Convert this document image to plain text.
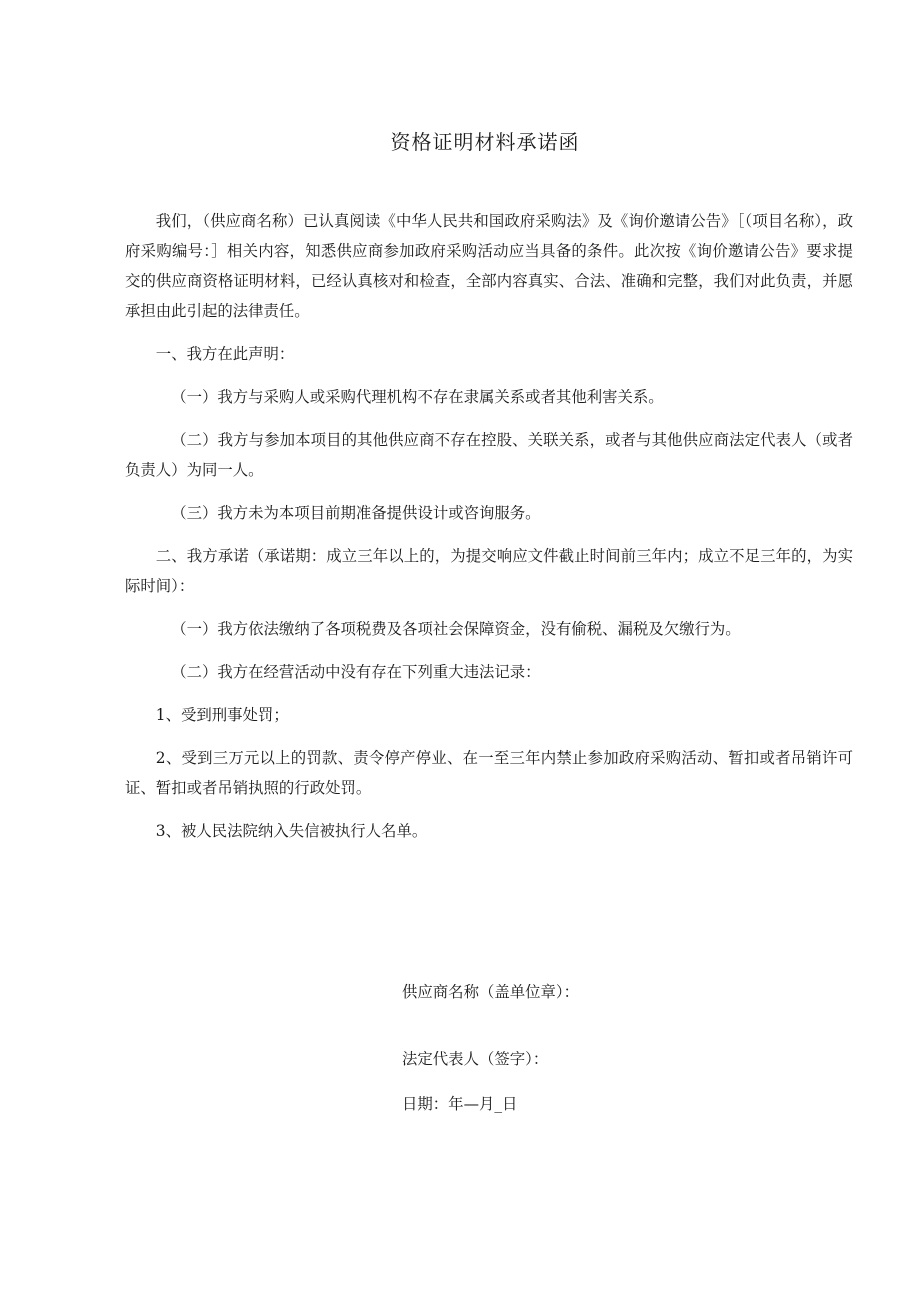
资格证明材料承诺函

我们，（供应商名称）已认真阅读《中华人民共和国政府采购法》及《询价邀请公告》［（项目名称），政府采购编号：］相关内容，知悉供应商参加政府采购活动应当具备的条件。此次按《询价邀请公告》要求提交的供应商资格证明材料，已经认真核对和检查，全部内容真实、合法、准确和完整，我们对此负责，并愿承担由此引起的法律责任。

一、我方在此声明：

（一）我方与采购人或采购代理机构不存在隶属关系或者其他利害关系。

（二）我方与参加本项目的其他供应商不存在控股、关联关系，或者与其他供应商法定代表人（或者负责人）为同一人。

（三）我方未为本项目前期准备提供设计或咨询服务。

二、我方承诺（承诺期：成立三年以上的，为提交响应文件截止时间前三年内；成立不足三年的，为实际时间）：

（一）我方依法缴纳了各项税费及各项社会保障资金，没有偷税、漏税及欠缴行为。

（二）我方在经营活动中没有存在下列重大违法记录：

1、受到刑事处罚；

2、受到三万元以上的罚款、责令停产停业、在一至三年内禁止参加政府采购活动、暂扣或者吊销许可证、暂扣或者吊销执照的行政处罚。

3、被人民法院纳入失信被执行人名单。

供应商名称（盖单位章）：

法定代表人（签字）：

日期：年—月_日
